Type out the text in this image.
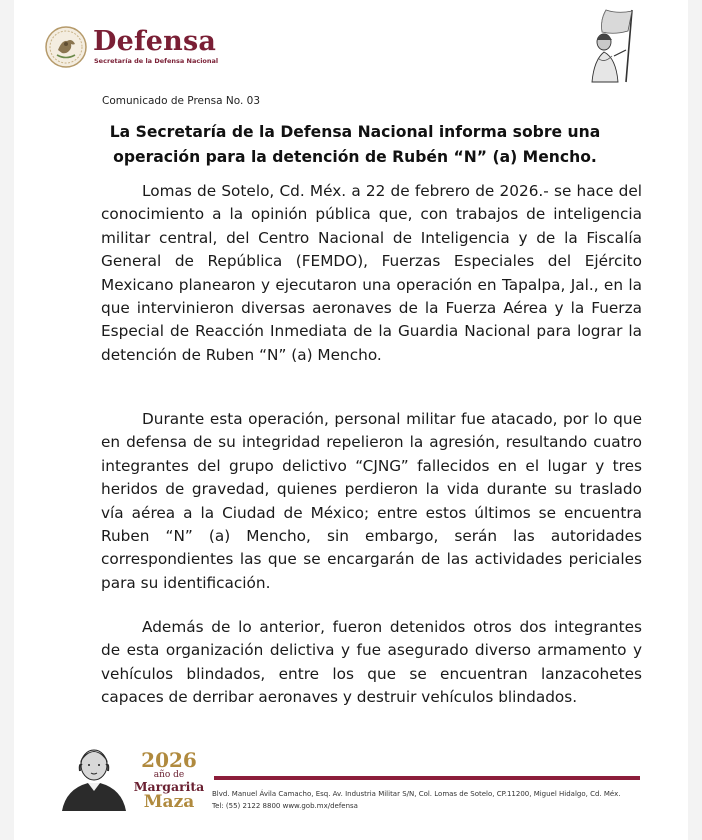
Defensa
Secretaría de la Defensa Nacional
Comunicado de Prensa No. 03
La Secretaría de la Defensa Nacional informa sobre una operación para la detención de Rubén “N” (a) Mencho.
Lomas de Sotelo, Cd. Méx. a 22 de febrero de 2026.- se hace del conocimiento a la opinión pública que, con trabajos de inteligencia militar central, del Centro Nacional de Inteligencia y de la Fiscalía General de República (FEMDO), Fuerzas Especiales del Ejército Mexicano planearon y ejecutaron una operación en Tapalpa, Jal., en la que intervinieron diversas aeronaves de la Fuerza Aérea y la Fuerza Especial de Reacción Inmediata de la Guardia Nacional para lograr la detención de Ruben “N” (a) Mencho.
Durante esta operación, personal militar fue atacado, por lo que en defensa de su integridad repelieron la agresión, resultando cuatro integrantes del grupo delictivo “CJNG” fallecidos en el lugar y tres heridos de gravedad, quienes perdieron la vida durante su traslado vía aérea a la Ciudad de México; entre estos últimos se encuentra Ruben “N” (a) Mencho, sin embargo, serán las autoridades correspondientes las que se encargarán de las actividades periciales para su identificación.
Además de lo anterior, fueron detenidos otros dos integrantes de esta organización delictiva y fue asegurado diverso armamento y vehículos blindados, entre los que se encuentran lanzacohetes capaces de derribar aeronaves y destruir vehículos blindados.
2026
año de
Margarita
Maza	Blvd. Manuel Ávila Camacho, Esq. Av. Industria Militar S/N, Col. Lomas de Sotelo, CP.11200, Miguel Hidalgo, Cd. Méx.
Tel: (55) 2122 8800 www.gob.mx/defensa
